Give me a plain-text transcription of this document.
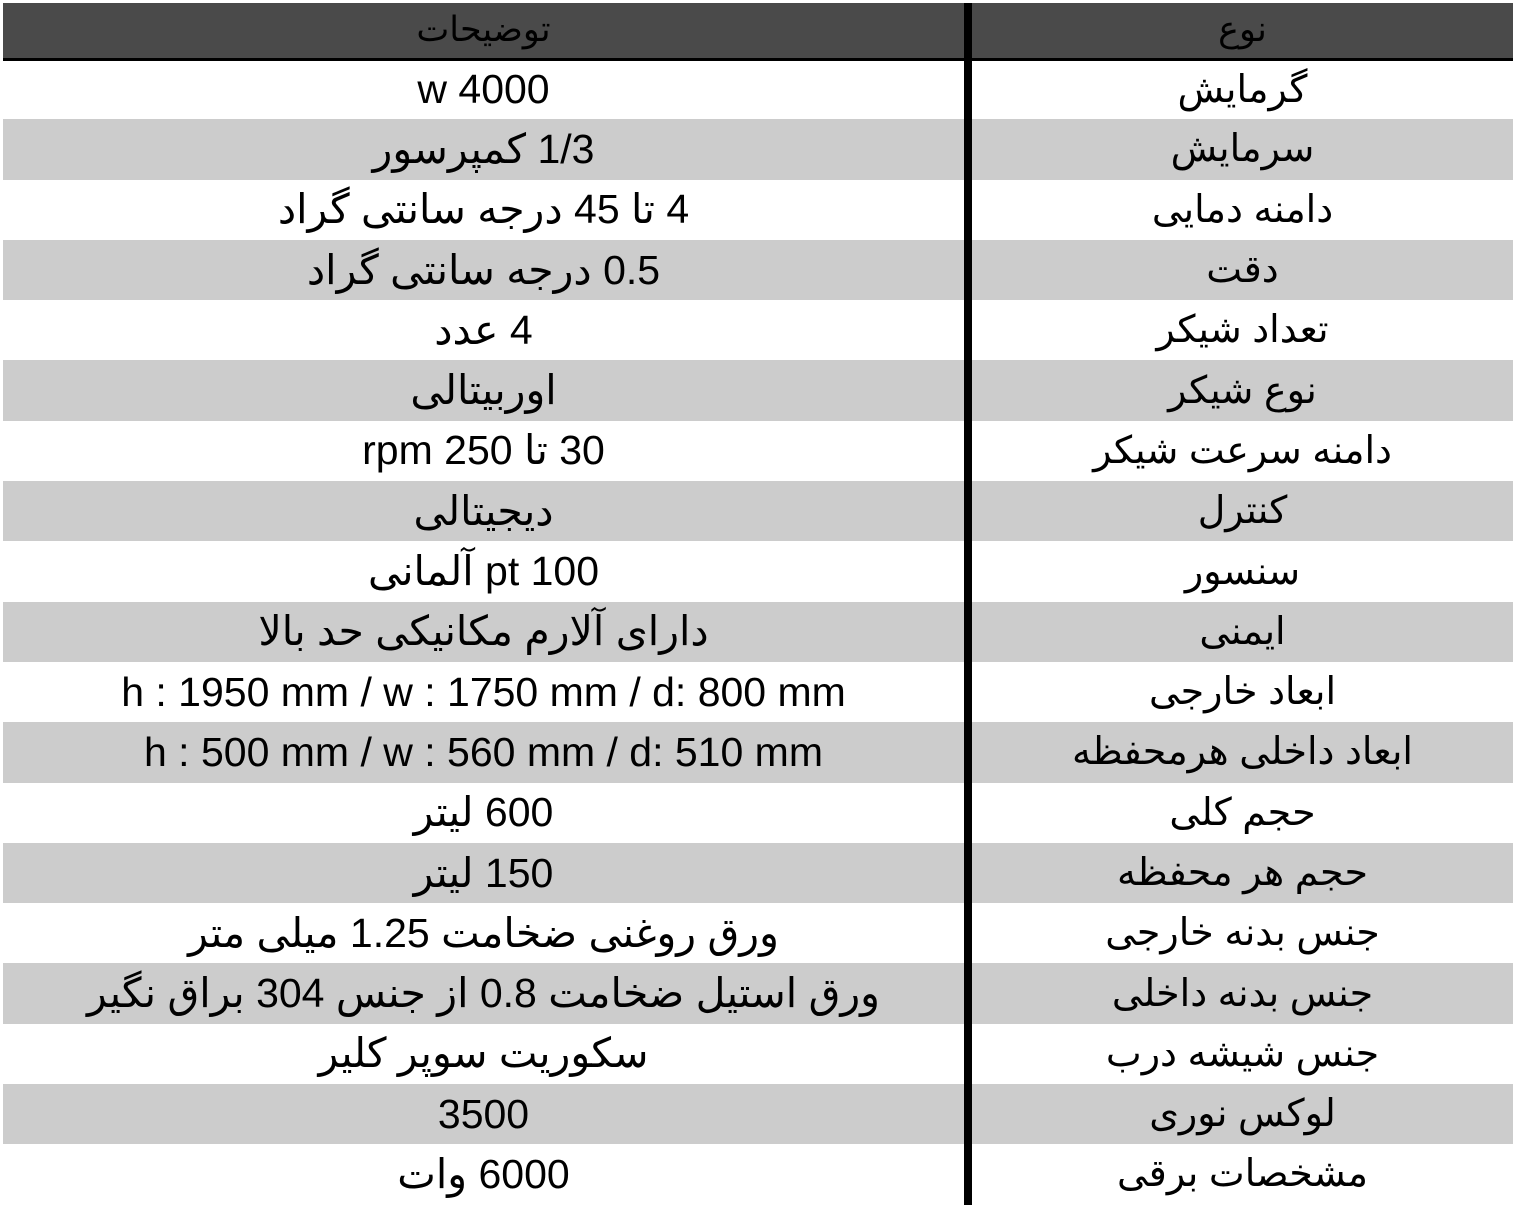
توضیحات		نوع
w 4000		گرمایش
1/3 کمپرسور		سرمایش
4 تا 45 درجه سانتی گراد		دامنه دمایی
0.5 درجه سانتی گراد		دقت
4 عدد		تعداد شیکر
اوربیتالی		نوع شیکر
30 تا 250 rpm		دامنه سرعت شیکر
دیجیتالی		کنترل
pt 100 آلمانی		سنسور
دارای آلارم مکانیکی حد بالا		ایمنی
h : 1950 mm / w : 1750 mm / d: 800 mm		ابعاد خارجی
h : 500 mm / w : 560 mm / d: 510 mm		ابعاد داخلی هرمحفظه
600 لیتر		حجم کلی
150 لیتر		حجم هر محفظه
ورق روغنی ضخامت 1.25 میلی متر		جنس بدنه خارجی
ورق استیل ضخامت 0.8 از جنس 304 براق نگیر		جنس بدنه داخلی
سکوریت سوپر کلیر		جنس شیشه درب
3500		لوکس نوری
6000 وات		مشخصات برقی
